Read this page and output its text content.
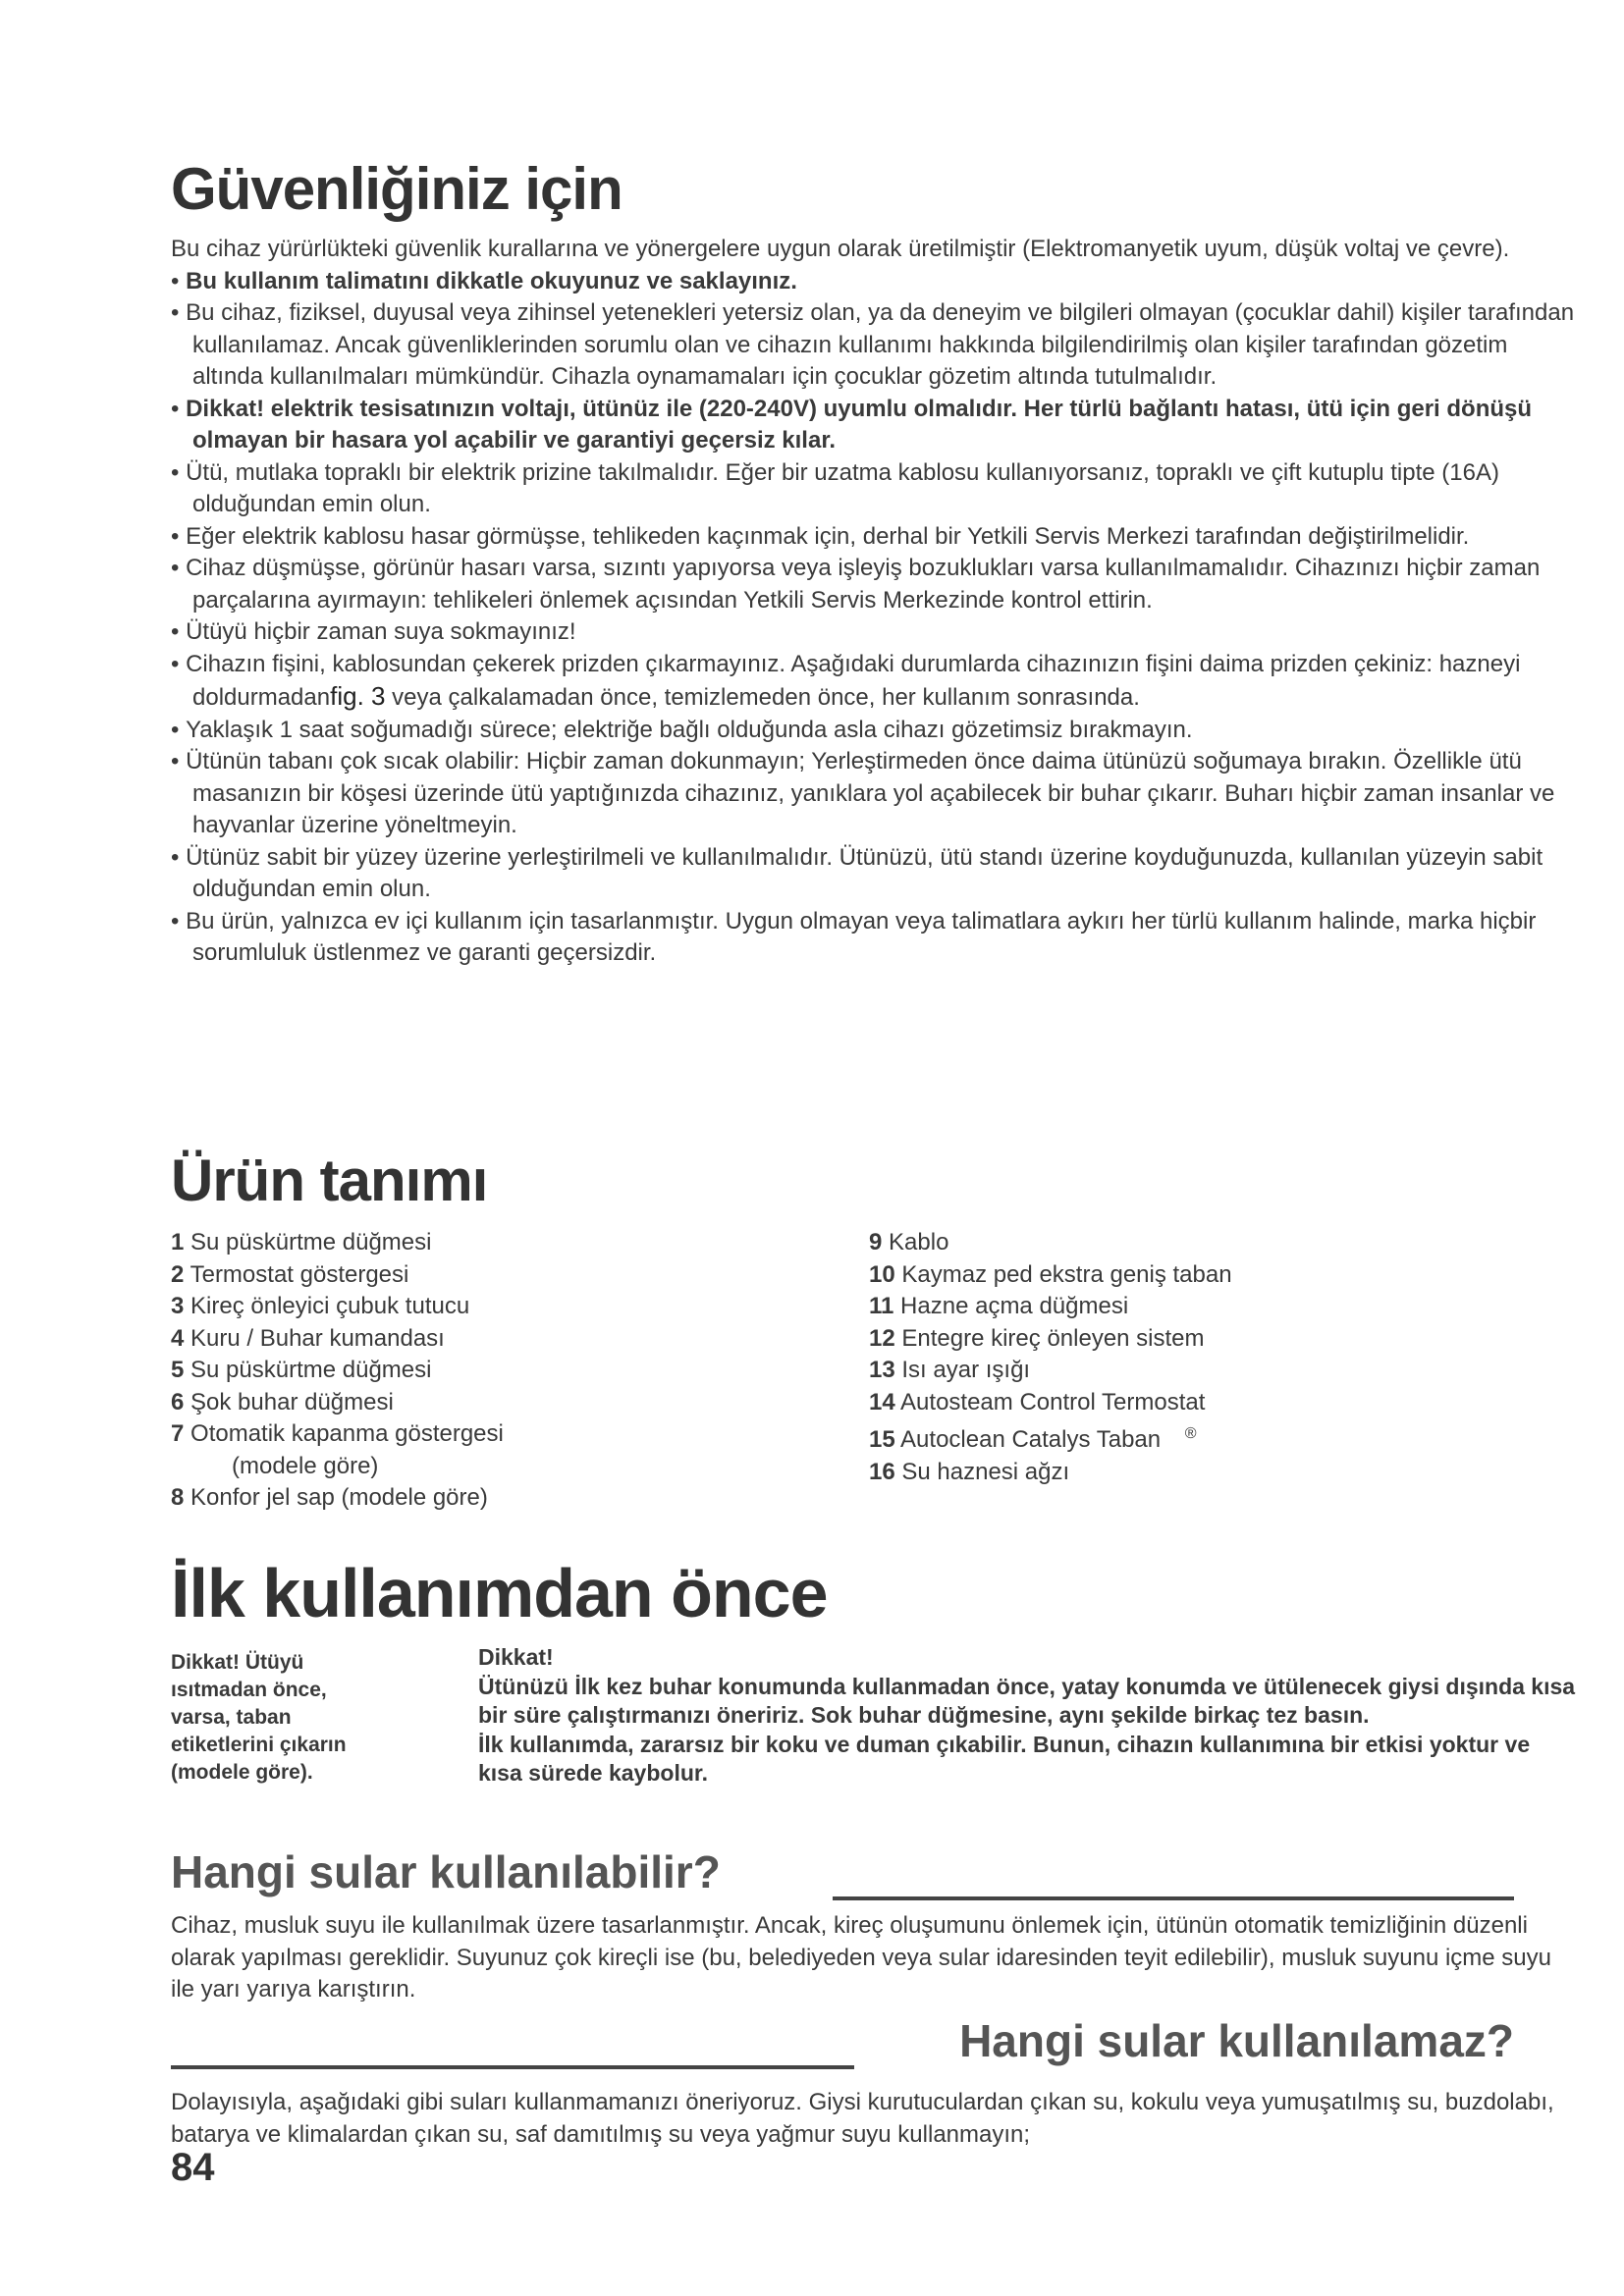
Güvenliğiniz için

Bu cihaz yürürlükteki güvenlik kurallarına ve yönergelere uygun olarak üretilmiştir (Elektromanyetik uyum, düşük voltaj ve çevre).

• Bu kullanım talimatını dikkatle okuyunuz ve saklayınız.

• Bu cihaz, fiziksel, duyusal veya zihinsel yetenekleri yetersiz olan, ya da deneyim ve bilgileri olmayan (çocuklar dahil) kişiler tarafından kullanılamaz. Ancak güvenliklerinden sorumlu olan ve cihazın kullanımı hakkında bilgilendirilmiş olan kişiler tarafından gözetim altında kullanılmaları mümkündür. Cihazla oynamamaları için çocuklar gözetim altında tutulmalıdır.

• Dikkat! elektrik tesisatınızın voltajı, ütünüz ile (220-240V) uyumlu olmalıdır. Her türlü bağlantı hatası, ütü için geri dönüşü olmayan bir hasara yol açabilir ve garantiyi geçersiz kılar.

• Ütü, mutlaka topraklı bir elektrik prizine takılmalıdır. Eğer bir uzatma kablosu kullanıyorsanız, topraklı ve çift kutuplu tipte (16A) olduğundan emin olun.

• Eğer elektrik kablosu hasar görmüşse, tehlikeden kaçınmak için, derhal bir Yetkili Servis Merkezi tarafından değiştirilmelidir.

• Cihaz düşmüşse, görünür hasarı varsa, sızıntı yapıyorsa veya işleyiş bozuklukları varsa kullanılmamalıdır. Cihazınızı hiçbir zaman parçalarına ayırmayın: tehlikeleri önlemek açısından Yetkili Servis Merkezinde kontrol ettirin.

• Ütüyü hiçbir zaman suya sokmayınız!

• Cihazın fişini, kablosundan çekerek prizden çıkarmayınız. Aşağıdaki durumlarda cihazınızın fişini daima prizden çekiniz: hazneyi doldurmadanfig. 3 veya çalkalamadan önce, temizlemeden önce, her kullanım sonrasında.

• Yaklaşık 1 saat soğumadığı sürece; elektriğe bağlı olduğunda asla cihazı gözetimsiz bırakmayın.

• Ütünün tabanı çok sıcak olabilir: Hiçbir zaman dokunmayın; Yerleştirmeden önce daima ütünüzü soğumaya bırakın. Özellikle ütü masanızın bir köşesi üzerinde ütü yaptığınızda cihazınız, yanıklara yol açabilecek bir buhar çıkarır. Buharı hiçbir zaman insanlar ve hayvanlar üzerine yöneltmeyin.

• Ütünüz sabit bir yüzey üzerine yerleştirilmeli ve kullanılmalıdır. Ütünüzü, ütü standı üzerine koyduğunuzda, kullanılan yüzeyin sabit olduğundan emin olun.

• Bu ürün, yalnızca ev içi kullanım için tasarlanmıştır. Uygun olmayan veya talimatlara aykırı her türlü kullanım halinde, marka hiçbir sorumluluk üstlenmez ve garanti geçersizdir.

Ürün tanımı
1 Su püskürtme düğmesi
2 Termostat göstergesi
3 Kireç önleyici çubuk tutucu
4 Kuru / Buhar kumandası
5 Su püskürtme düğmesi
6 Şok buhar düğmesi
7 Otomatik kapanma göstergesi
(modele göre)
8 Konfor jel sap (modele göre)
9 Kablo
10 Kaymaz ped ekstra geniş taban
11 Hazne açma düğmesi
12 Entegre kireç önleyen sistem
13 Isı ayar ışığı
14 Autosteam Control Termostat
15 Autoclean Catalys Taban ®
16 Su haznesi ağzı
İlk kullanımdan önce
Dikkat! Ütüyü ısıtmadan önce, varsa, taban etiketlerini çıkarın (modele göre).
Dikkat!
Ütünüzü İlk kez buhar konumunda kullanmadan önce, yatay konumda ve ütülenecek giysi dışında kısa bir süre çalıştırmanızı öneririz. Sok buhar düğmesine, aynı şekilde birkaç tez basın.
İlk kullanımda, zararsız bir koku ve duman çıkabilir. Bunun, cihazın kullanımına bir etkisi yoktur ve kısa sürede kaybolur.
Hangi sular kullanılabilir?
Cihaz, musluk suyu ile kullanılmak üzere tasarlanmıştır. Ancak, kireç oluşumunu önlemek için, ütünün otomatik temizliğinin düzenli olarak yapılması gereklidir. Suyunuz çok kireçli ise (bu, belediyeden veya sular idaresinden teyit edilebilir), musluk suyunu içme suyu ile yarı yarıya karıştırın.
Hangi sular kullanılamaz?
Dolayısıyla, aşağıdaki gibi suları kullanmamanızı öneriyoruz. Giysi kurutuculardan çıkan su, kokulu veya yumuşatılmış su, buzdolabı, batarya ve klimalardan çıkan su, saf damıtılmış su veya yağmur suyu kullanmayın;
84
